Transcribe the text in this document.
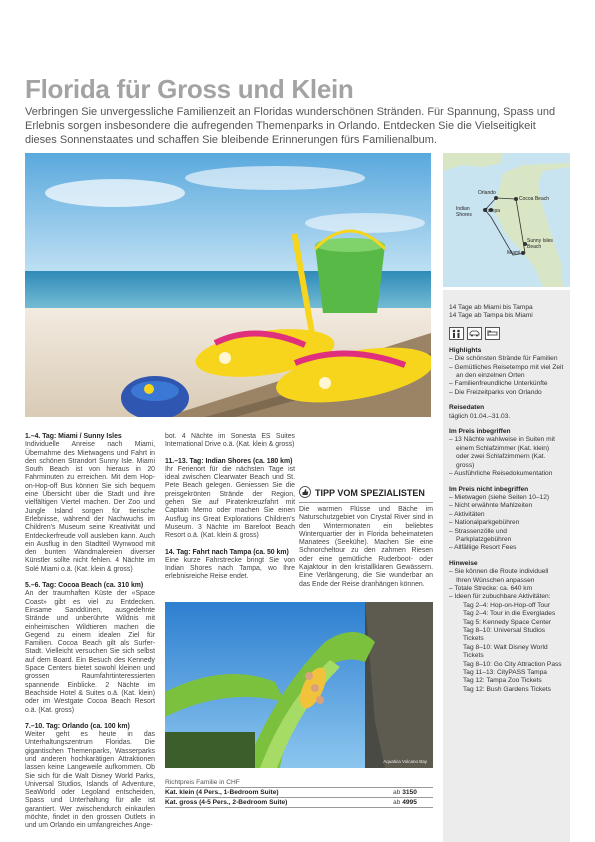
Florida für Gross und Klein
Verbringen Sie unvergessliche Familienzeit an Floridas wunderschönen Stränden. Für Spannung, Spass und Erlebnis sorgen insbesondere die aufregenden Themenparks in Orlando. Entdecken Sie die Vielseitigkeit dieses Sonnenstaates und schaffen Sie bleibende Erinnerungen fürs Familienalbum.
Orlando
Cocoa Beach
Indian Shores
Tampa
Sunny Isles Beach
Miami
14 Tage ab Miami bis Tampa
14 Tage ab Tampa bis Miami
Highlights
– Die schönsten Strände für Familien
– Gemütliches Reisetempo mit viel Zeit an den einzelnen Orten
– Familienfreundliche Unterkünfte
– Die Freizeitparks von Orlando
Reisedaten
täglich 01.04.–31.03.
Im Preis inbegriffen
– 13 Nächte wahlweise in Suiten mit einem Schlafzimmer (Kat. klein) oder zwei Schlafzimmern (Kat. gross)
– Ausführliche Reisedokumentation
Im Preis nicht inbegriffen
– Mietwagen (siehe Seiten 10–12)
– Nicht erwähnte Mahlzeiten
– Aktivitäten
– Nationalparkgebühren
– Strassenzölle und Parkplatzgebühren
– Allfällige Resort Fees
Hinweise
– Sie können die Route individuell Ihren Wünschen anpassen
– Totale Strecke: ca. 640 km
– Ideen für zubuchbare Aktivitäten:
Tag 2–4: Hop-on-Hop-off Tour
Tag 2–4: Tour in die Everglades
Tag 5: Kennedy Space Center
Tag 8–10: Universal Studios Tickets
Tag 8–10: Walt Disney World Tickets
Tag 8–10: Go City Attraction Pass
Tag 11–13: CityPASS Tampa
Tag 12: Tampa Zoo Tickets
Tag 12: Bush Gardens Tickets
1.–4. Tag: Miami / Sunny Isles

Individuelle Anreise nach Miami, Übernahme des Mietwagens und Fahrt in den schönen Strandort Sunny Isle. Miami South Beach ist von hieraus in 20 Fahrminuten zu erreichen. Mit dem Hop-on-Hop-off Bus können Sie sich bequem eine Übersicht über die Stadt und ihre vielfältigen Viertel machen. Der Zoo und Jungle Island sorgen für tierische Erlebnisse, während der Nachwuchs im Children's Museum seine Kreativität und Entdeckerfreude voll ausleben kann. Auch ein Ausflug in den Stadtteil Wynwood mit den bunten Wandmalereien diverser Künstler sollte nicht fehlen. 4 Nächte im Solé Miami o.ä. (Kat. klein & gross)

5.–6. Tag: Cocoa Beach (ca. 310 km)

An der traumhaften Küste der «Space Coast» gibt es viel zu Entdecken. Einsame Sanddünen, ausgedehnte Strände und unberührte Wildnis mit einheimischen Wildtieren machen die Gegend zu einem idealen Ziel für Familien. Cocoa Beach gilt als Surfer-Stadt. Vielleicht versuchen Sie sich selbst auf dem Board. Ein Besuch des Kennedy Space Centers bietet sowohl kleinen und grossen Raumfahrtinteressierten spannende Einblicke. 2 Nächte im Beachside Hotel & Suites o.ä. (Kat. klein) oder im Westgate Cocoa Beach Resort o.ä. (Kat. gross)

7.–10. Tag: Orlando (ca. 100 km)

Weiter geht es heute in das Unterhaltungszentrum Floridas. Die gigantischen Themenparks, Wasserparks und anderen hochkarätigen Attraktionen lassen keine Langeweile aufkommen. Ob Sie sich für die Walt Disney World Parks, Universal Studios, Islands of Adventure, SeaWorld oder Legoland entscheiden, Spass und Unterhaltung für alle ist garantiert. Wer zwischendurch einkaufen möchte, findet in den grossen Outlets in und um Orlando ein umfangreiches Ange-

bot. 4 Nächte im Sonesta ES Suites International Drive o.ä. (Kat. klein & gross)

11.–13. Tag: Indian Shores (ca. 180 km)

Ihr Ferienort für die nächsten Tage ist ideal zwischen Clearwater Beach und St. Pete Beach gelegen. Geniessen Sie die preisgekrönten Strände der Region, gehen Sie auf Piratenkreuzfahrt mit Captain Memo oder machen Sie einen Ausflug ins Great Explorations Children's Museum. 3 Nächte im Barefoot Beach Resort o.ä. (Kat. klein & gross)

14. Tag: Fahrt nach Tampa (ca. 50 km)

Eine kurze Fahrstrecke bringt Sie von Indian Shores nach Tampa, wo Ihre erlebnisreiche Reise endet.

TIPP VOM SPEZIALISTEN
Die warmen Flüsse und Bäche im Naturschutzgebiet von Crystal River sind in den Wintermonaten ein beliebtes Winterquartier der in Florida beheimateten Manatees (Seekühe). Machen Sie eine Schnorcheltour zu den zahmen Riesen oder eine gemütliche Ruderboot- oder Kajaktour in den kristallklaren Gewässern. Eine Verlängerung, die Sie wunderbar an das Ende der Reise dranhängen können.
Aquatica Volcano Bay
Richtpreis Familie in CHF
Kat. klein (4 Pers., 1-Bedroom Suite)	ab 3150
Kat. gross (4-5 Pers., 2-Bedroom Suite)	ab 4995
